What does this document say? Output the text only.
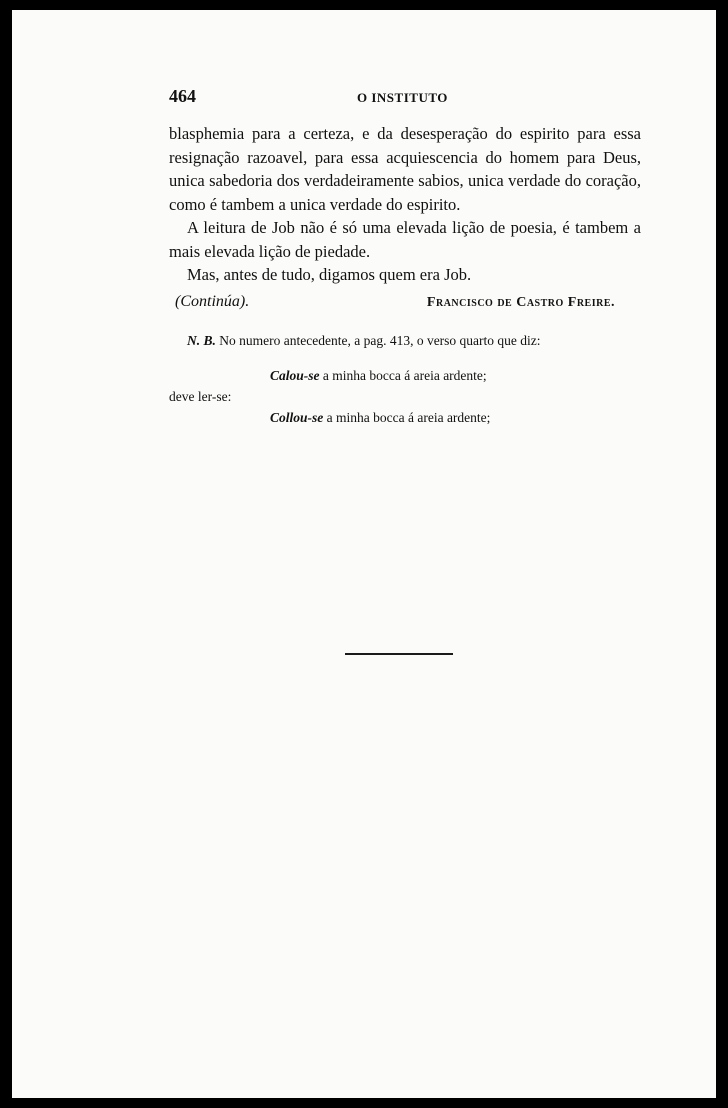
464	O INSTITUTO

blasphemia para a certeza, e da desesperação do espirito para essa resignação razoavel, para essa acquiescencia do homem para Deus, unica sabedoria dos verdadeiramente sabios, unica verdade do coração, como é tambem a unica verdade do espirito.

A leitura de Job não é só uma elevada lição de poesia, é tambem a mais elevada lição de piedade.

Mas, antes de tudo, digamos quem era Job.

(Continúa).	Francisco de Castro Freire.
N. B. No numero antecedente, a pag. 413, o verso quarto que diz:
Calou-se a minha bocca á areia ardente;
deve ler-se:
Collou-se a minha bocca á areia ardente;
